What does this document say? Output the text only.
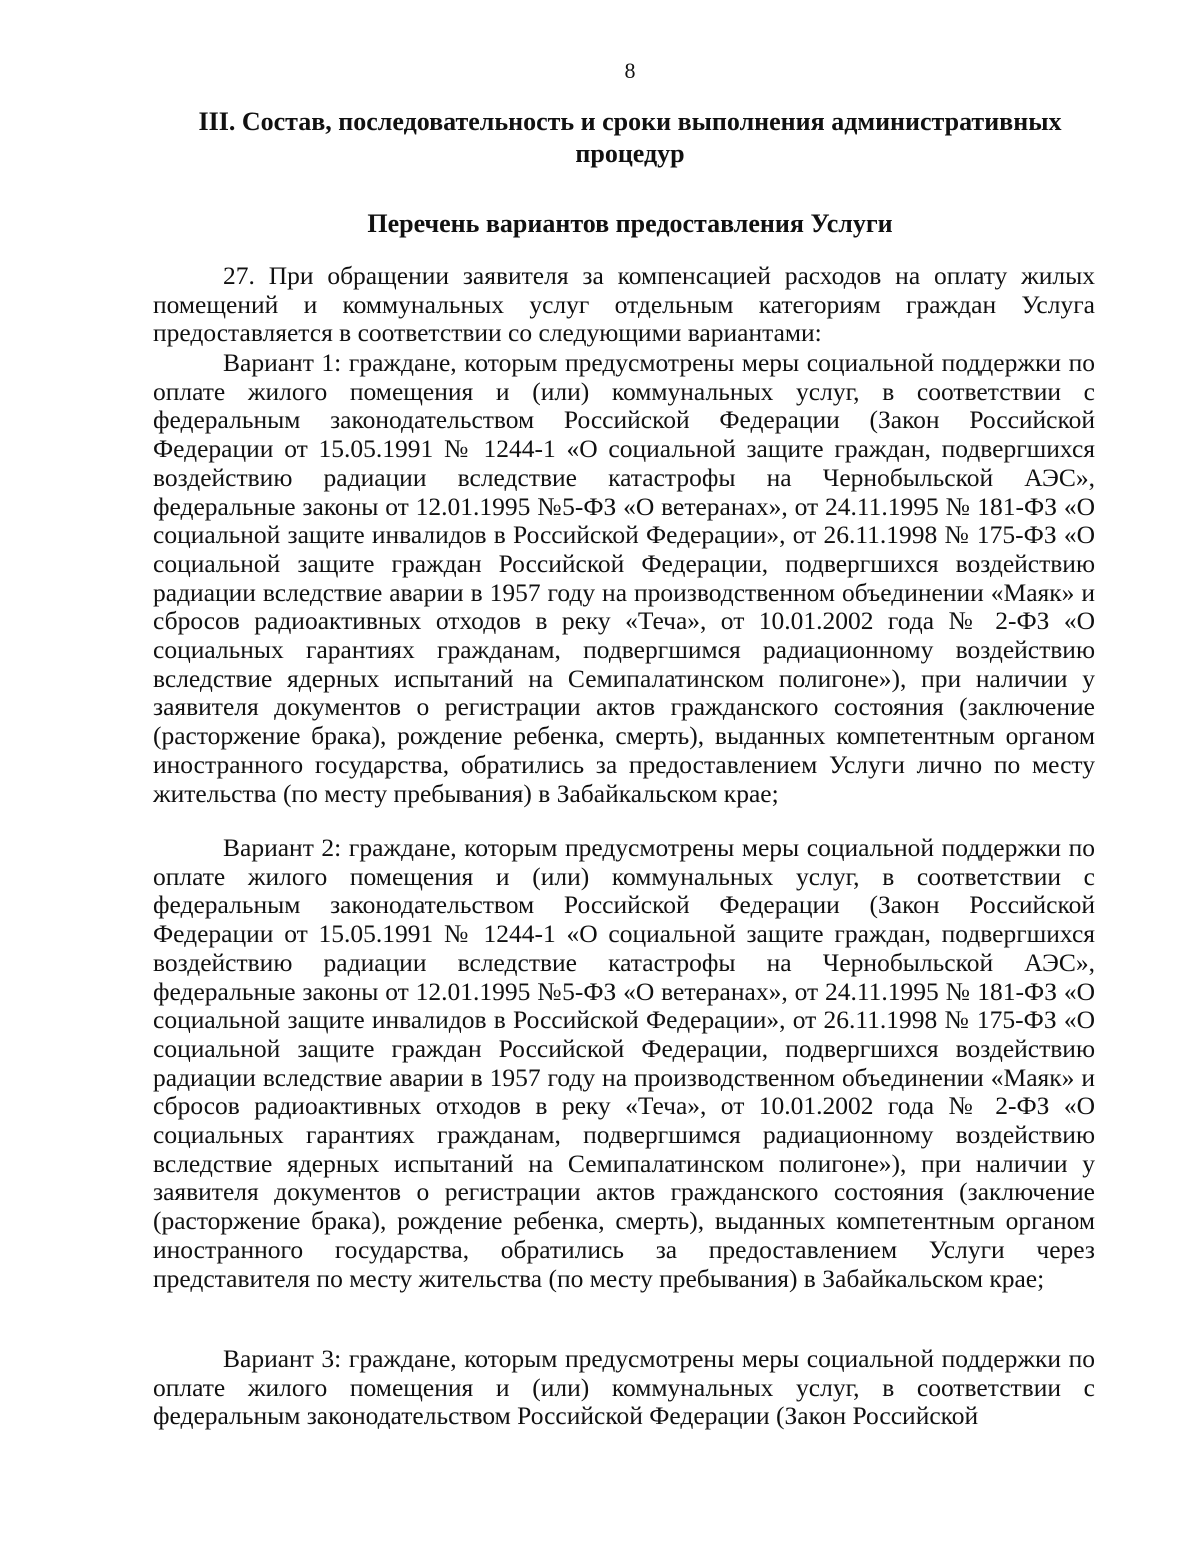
8
III. Состав, последовательность и сроки выполнения административных процедур
Перечень вариантов предоставления Услуги

27. При обращении заявителя за компенсацией расходов на оплату жилых помещений и коммунальных услуг отдельным категориям граждан Услуга предоставляется в соответствии со следующими вариантами:

Вариант 1: граждане, которым предусмотрены меры социальной поддержки по оплате жилого помещения и (или) коммунальных услуг, в соответствии с федеральным законодательством Российской Федерации (Закон Российской Федерации от 15.05.1991 № 1244-1 «О социальной защите граждан, подвергшихся воздействию радиации вследствие катастрофы на Чернобыльской АЭС», федеральные законы от 12.01.1995 №5-ФЗ «О ветеранах», от 24.11.1995 № 181-ФЗ «О социальной защите инвалидов в Российской Федерации», от 26.11.1998 № 175-ФЗ «О социальной защите граждан Российской Федерации, подвергшихся воздействию радиации вследствие аварии в 1957 году на производственном объединении «Маяк» и сбросов радиоактивных отходов в реку «Теча», от 10.01.2002 года № 2-ФЗ «О социальных гарантиях гражданам, подвергшимся радиационному воздействию вследствие ядерных испытаний на Семипалатинском полигоне»), при наличии у заявителя документов о регистрации актов гражданского состояния (заключение (расторжение брака), рождение ребенка, смерть), выданных компетентным органом иностранного государства, обратились за предоставлением Услуги лично по месту жительства (по месту пребывания) в Забайкальском крае;

Вариант 2: граждане, которым предусмотрены меры социальной поддержки по оплате жилого помещения и (или) коммунальных услуг, в соответствии с федеральным законодательством Российской Федерации (Закон Российской Федерации от 15.05.1991 № 1244-1 «О социальной защите граждан, подвергшихся воздействию радиации вследствие катастрофы на Чернобыльской АЭС», федеральные законы от 12.01.1995 №5-ФЗ «О ветеранах», от 24.11.1995 № 181-ФЗ «О социальной защите инвалидов в Российской Федерации», от 26.11.1998 № 175-ФЗ «О социальной защите граждан Российской Федерации, подвергшихся воздействию радиации вследствие аварии в 1957 году на производственном объединении «Маяк» и сбросов радиоактивных отходов в реку «Теча», от 10.01.2002 года № 2-ФЗ «О социальных гарантиях гражданам, подвергшимся радиационному воздействию вследствие ядерных испытаний на Семипалатинском полигоне»), при наличии у заявителя документов о регистрации актов гражданского состояния (заключение (расторжение брака), рождение ребенка, смерть), выданных компетентным органом иностранного государства, обратились за предоставлением Услуги через представителя по месту жительства (по месту пребывания) в Забайкальском крае;

Вариант 3: граждане, которым предусмотрены меры социальной поддержки по оплате жилого помещения и (или) коммунальных услуг, в соответствии с федеральным законодательством Российской Федерации (Закон Российской
